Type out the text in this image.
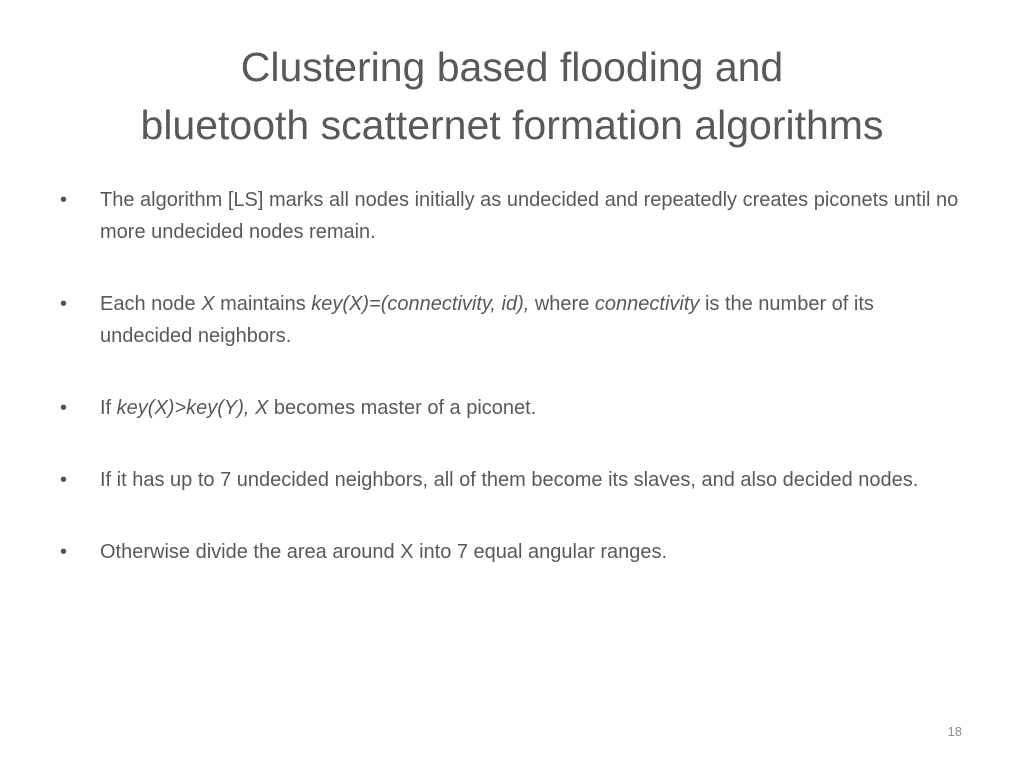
Clustering based flooding and
bluetooth scatternet formation algorithms
•	The algorithm [LS] marks all nodes initially as undecided and repeatedly creates piconets until no more undecided nodes remain.
•	Each node X maintains key(X)=(connectivity, id), where connectivity is the number of its undecided neighbors.
•	If key(X)>key(Y), X becomes master of a piconet.
•	If it has up to 7 undecided neighbors, all of them become its slaves, and also decided nodes.
•	Otherwise divide the area around X into 7 equal angular ranges.
18
